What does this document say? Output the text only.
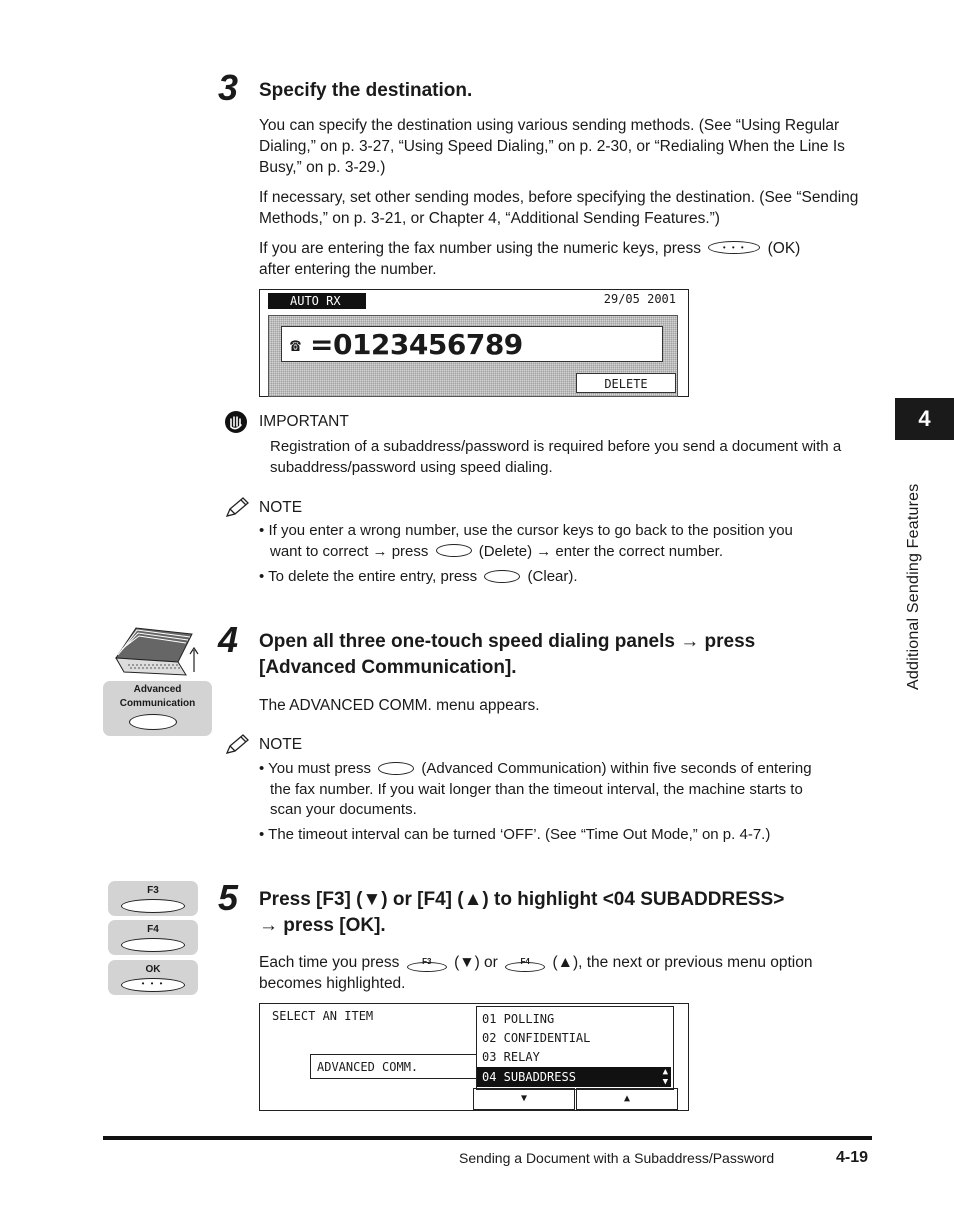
3 Specify the destination.
You can specify the destination using various sending methods. (See “Using Regular Dialing,” on p. 3-27, “Using Speed Dialing,” on p. 2-30, or “Redialing When the Line Is Busy,” on p. 3-29.)
If necessary, set other sending modes, before specifying the destination. (See “Sending Methods,” on p. 3-21, or Chapter 4, “Additional Sending Features.”)
If you are entering the fax number using the numeric keys, press	• • •	(OK)
after entering the number.
AUTO RX	29/05 2001
☎ =0123456789
DELETE
IMPORTANT
Registration of a subaddress/password is required before you send a document with a subaddress/password using speed dialing.
NOTE
• If you enter a wrong number, use the cursor keys to go back to the position you
want to correct → press	(Delete) → enter the correct number.
• To delete the entire entry, press	(Clear).
Advanced
Communication
4 Open all three one-touch speed dialing panels → press
[Advanced Communication].
The ADVANCED COMM. menu appears.
NOTE
• You must press	(Advanced Communication) within five seconds of entering
the fax number. If you wait longer than the timeout interval, the machine starts to
scan your documents.
• The timeout interval can be turned ‘OFF’. (See “Time Out Mode,” on p. 4-7.)
F3
F4
OK
• • •
5 Press [F3] (▼) or [F4] (▲) to highlight <04 SUBADDRESS>
→ press [OK].
Each time you press	F3	(▼) or	F4	(▲), the next or previous menu option
becomes highlighted.
SELECT AN ITEM
ADVANCED COMM.
01 POLLING
02 CONFIDENTIAL
03 RELAY
04 SUBADDRESS	▲
▼
▼	▲
4
Additional Sending Features
Sending a Document with a Subaddress/Password	4-19
